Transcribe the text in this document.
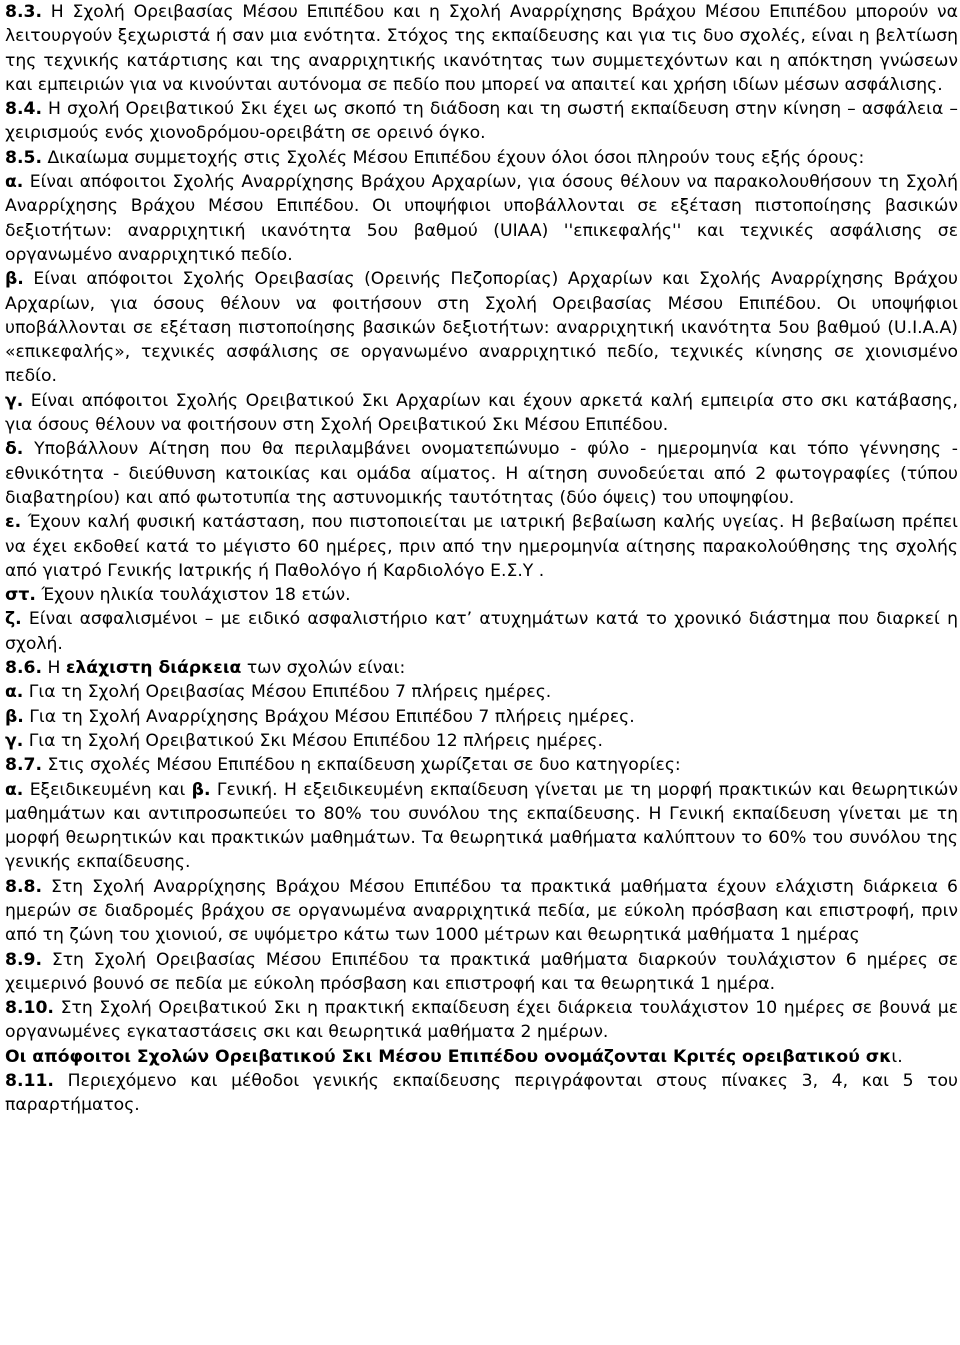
8.3. Η Σχολή Ορειβασίας Μέσου Επιπέδου και η Σχολή Αναρρίχησης Βράχου Μέσου Επιπέδου μπορούν να λειτουργούν ξεχωριστά ή σαν μια ενότητα. Στόχος της εκπαίδευσης και για τις δυο σχολές, είναι η βελτίωση της τεχνικής κατάρτισης και της αναρριχητικής ικανότητας των συμμετεχόντων και η απόκτηση γνώσεων και εμπειριών για να κινούνται αυτόνομα σε πεδίο που μπορεί να απαιτεί και χρήση ιδίων μέσων ασφάλισης.

8.4. Η σχολή Ορειβατικού Σκι έχει ως σκοπό τη διάδοση και τη σωστή εκπαίδευση στην κίνηση – ασφάλεια – χειρισμούς ενός χιονοδρόμου-ορειβάτη σε ορεινό όγκο.

8.5. Δικαίωμα συμμετοχής στις Σχολές Μέσου Επιπέδου έχουν όλοι όσοι πληρούν τους εξής όρους:

α. Είναι απόφοιτοι Σχολής Αναρρίχησης Βράχου Αρχαρίων, για όσους θέλουν να παρακολουθήσουν τη Σχολή Αναρρίχησης Βράχου Μέσου Επιπέδου. Οι υποψήφιοι υποβάλλονται σε εξέταση πιστοποίησης βασικών δεξιοτήτων: αναρριχητική ικανότητα 5ου βαθμού (UIAA) ''επικεφαλής'' και τεχνικές ασφάλισης σε οργανωμένο αναρριχητικό πεδίο.

β. Είναι απόφοιτοι Σχολής Ορειβασίας (Ορεινής Πεζοπορίας) Αρχαρίων και Σχολής Αναρρίχησης Βράχου Αρχαρίων, για όσους θέλουν να φοιτήσουν στη Σχολή Ορειβασίας Μέσου Επιπέδου. Οι υποψήφιοι υποβάλλονται σε εξέταση πιστοποίησης βασικών δεξιοτήτων: αναρριχητική ικανότητα 5ου βαθμού (U.I.A.A) «επικεφαλής», τεχνικές ασφάλισης σε οργανωμένο αναρριχητικό πεδίο, τεχνικές κίνησης σε χιονισμένο πεδίο.

γ. Είναι απόφοιτοι Σχολής Ορειβατικού Σκι Αρχαρίων και έχουν αρκετά καλή εμπειρία στο σκι κατάβασης, για όσους θέλουν να φοιτήσουν στη Σχολή Ορειβατικού Σκι Μέσου Επιπέδου.

δ. Υποβάλλουν Αίτηση που θα περιλαμβάνει ονοματεπώνυμο - φύλο - ημερομηνία και τόπο γέννησης - εθνικότητα - διεύθυνση κατοικίας και ομάδα αίματος. Η αίτηση συνοδεύεται από 2 φωτογραφίες (τύπου διαβατηρίου) και από φωτοτυπία της αστυνομικής ταυτότητας (δύο όψεις) του υποψηφίου.

ε. Έχουν καλή φυσική κατάσταση, που πιστοποιείται με ιατρική βεβαίωση καλής υγείας. Η βεβαίωση πρέπει να έχει εκδοθεί κατά το μέγιστο 60 ημέρες, πριν από την ημερομηνία αίτησης παρακολούθησης της σχολής από γιατρό Γενικής Ιατρικής ή Παθολόγο ή Καρδιολόγο Ε.Σ.Υ .

στ. Έχουν ηλικία τουλάχιστον 18 ετών.

ζ. Είναι ασφαλισμένοι – με ειδικό ασφαλιστήριο κατ’ ατυχημάτων κατά το χρονικό διάστημα που διαρκεί η σχολή.

8.6. Η ελάχιστη διάρκεια των σχολών είναι:

α. Για τη Σχολή Ορειβασίας Μέσου Επιπέδου 7 πλήρεις ημέρες.

β. Για τη Σχολή Αναρρίχησης Βράχου Μέσου Επιπέδου 7 πλήρεις ημέρες.

γ. Για τη Σχολή Ορειβατικού Σκι Μέσου Επιπέδου 12 πλήρεις ημέρες.

8.7. Στις σχολές Μέσου Επιπέδου η εκπαίδευση χωρίζεται σε δυο κατηγορίες:

α. Εξειδικευμένη και β. Γενική. Η εξειδικευμένη εκπαίδευση γίνεται με τη μορφή πρακτικών και θεωρητικών μαθημάτων και αντιπροσωπεύει το 80% του συνόλου της εκπαίδευσης. Η Γενική εκπαίδευση γίνεται με τη μορφή θεωρητικών και πρακτικών μαθημάτων. Τα θεωρητικά μαθήματα καλύπτουν το 60% του συνόλου της γενικής εκπαίδευσης.

8.8. Στη Σχολή Αναρρίχησης Βράχου Μέσου Επιπέδου τα πρακτικά μαθήματα έχουν ελάχιστη διάρκεια 6 ημερών σε διαδρομές βράχου σε οργανωμένα αναρριχητικά πεδία, με εύκολη πρόσβαση και επιστροφή, πριν από τη ζώνη του χιονιού, σε υψόμετρο κάτω των 1000 μέτρων και θεωρητικά μαθήματα 1 ημέρας

8.9. Στη Σχολή Ορειβασίας Μέσου Επιπέδου τα πρακτικά μαθήματα διαρκούν τουλάχιστον 6 ημέρες σε χειμερινό βουνό σε πεδία με εύκολη πρόσβαση και επιστροφή και τα θεωρητικά 1 ημέρα.

8.10. Στη Σχολή Ορειβατικού Σκι η πρακτική εκπαίδευση έχει διάρκεια τουλάχιστον 10 ημέρες σε βουνά με οργανωμένες εγκαταστάσεις σκι και θεωρητικά μαθήματα 2 ημέρων.

Οι απόφοιτοι Σχολών Ορειβατικού Σκι Μέσου Επιπέδου ονομάζονται Κριτές ορειβατικού σκι.

8.11. Περιεχόμενο και μέθοδοι γενικής εκπαίδευσης περιγράφονται στους πίνακες 3, 4, και 5 του παραρτήματος.
